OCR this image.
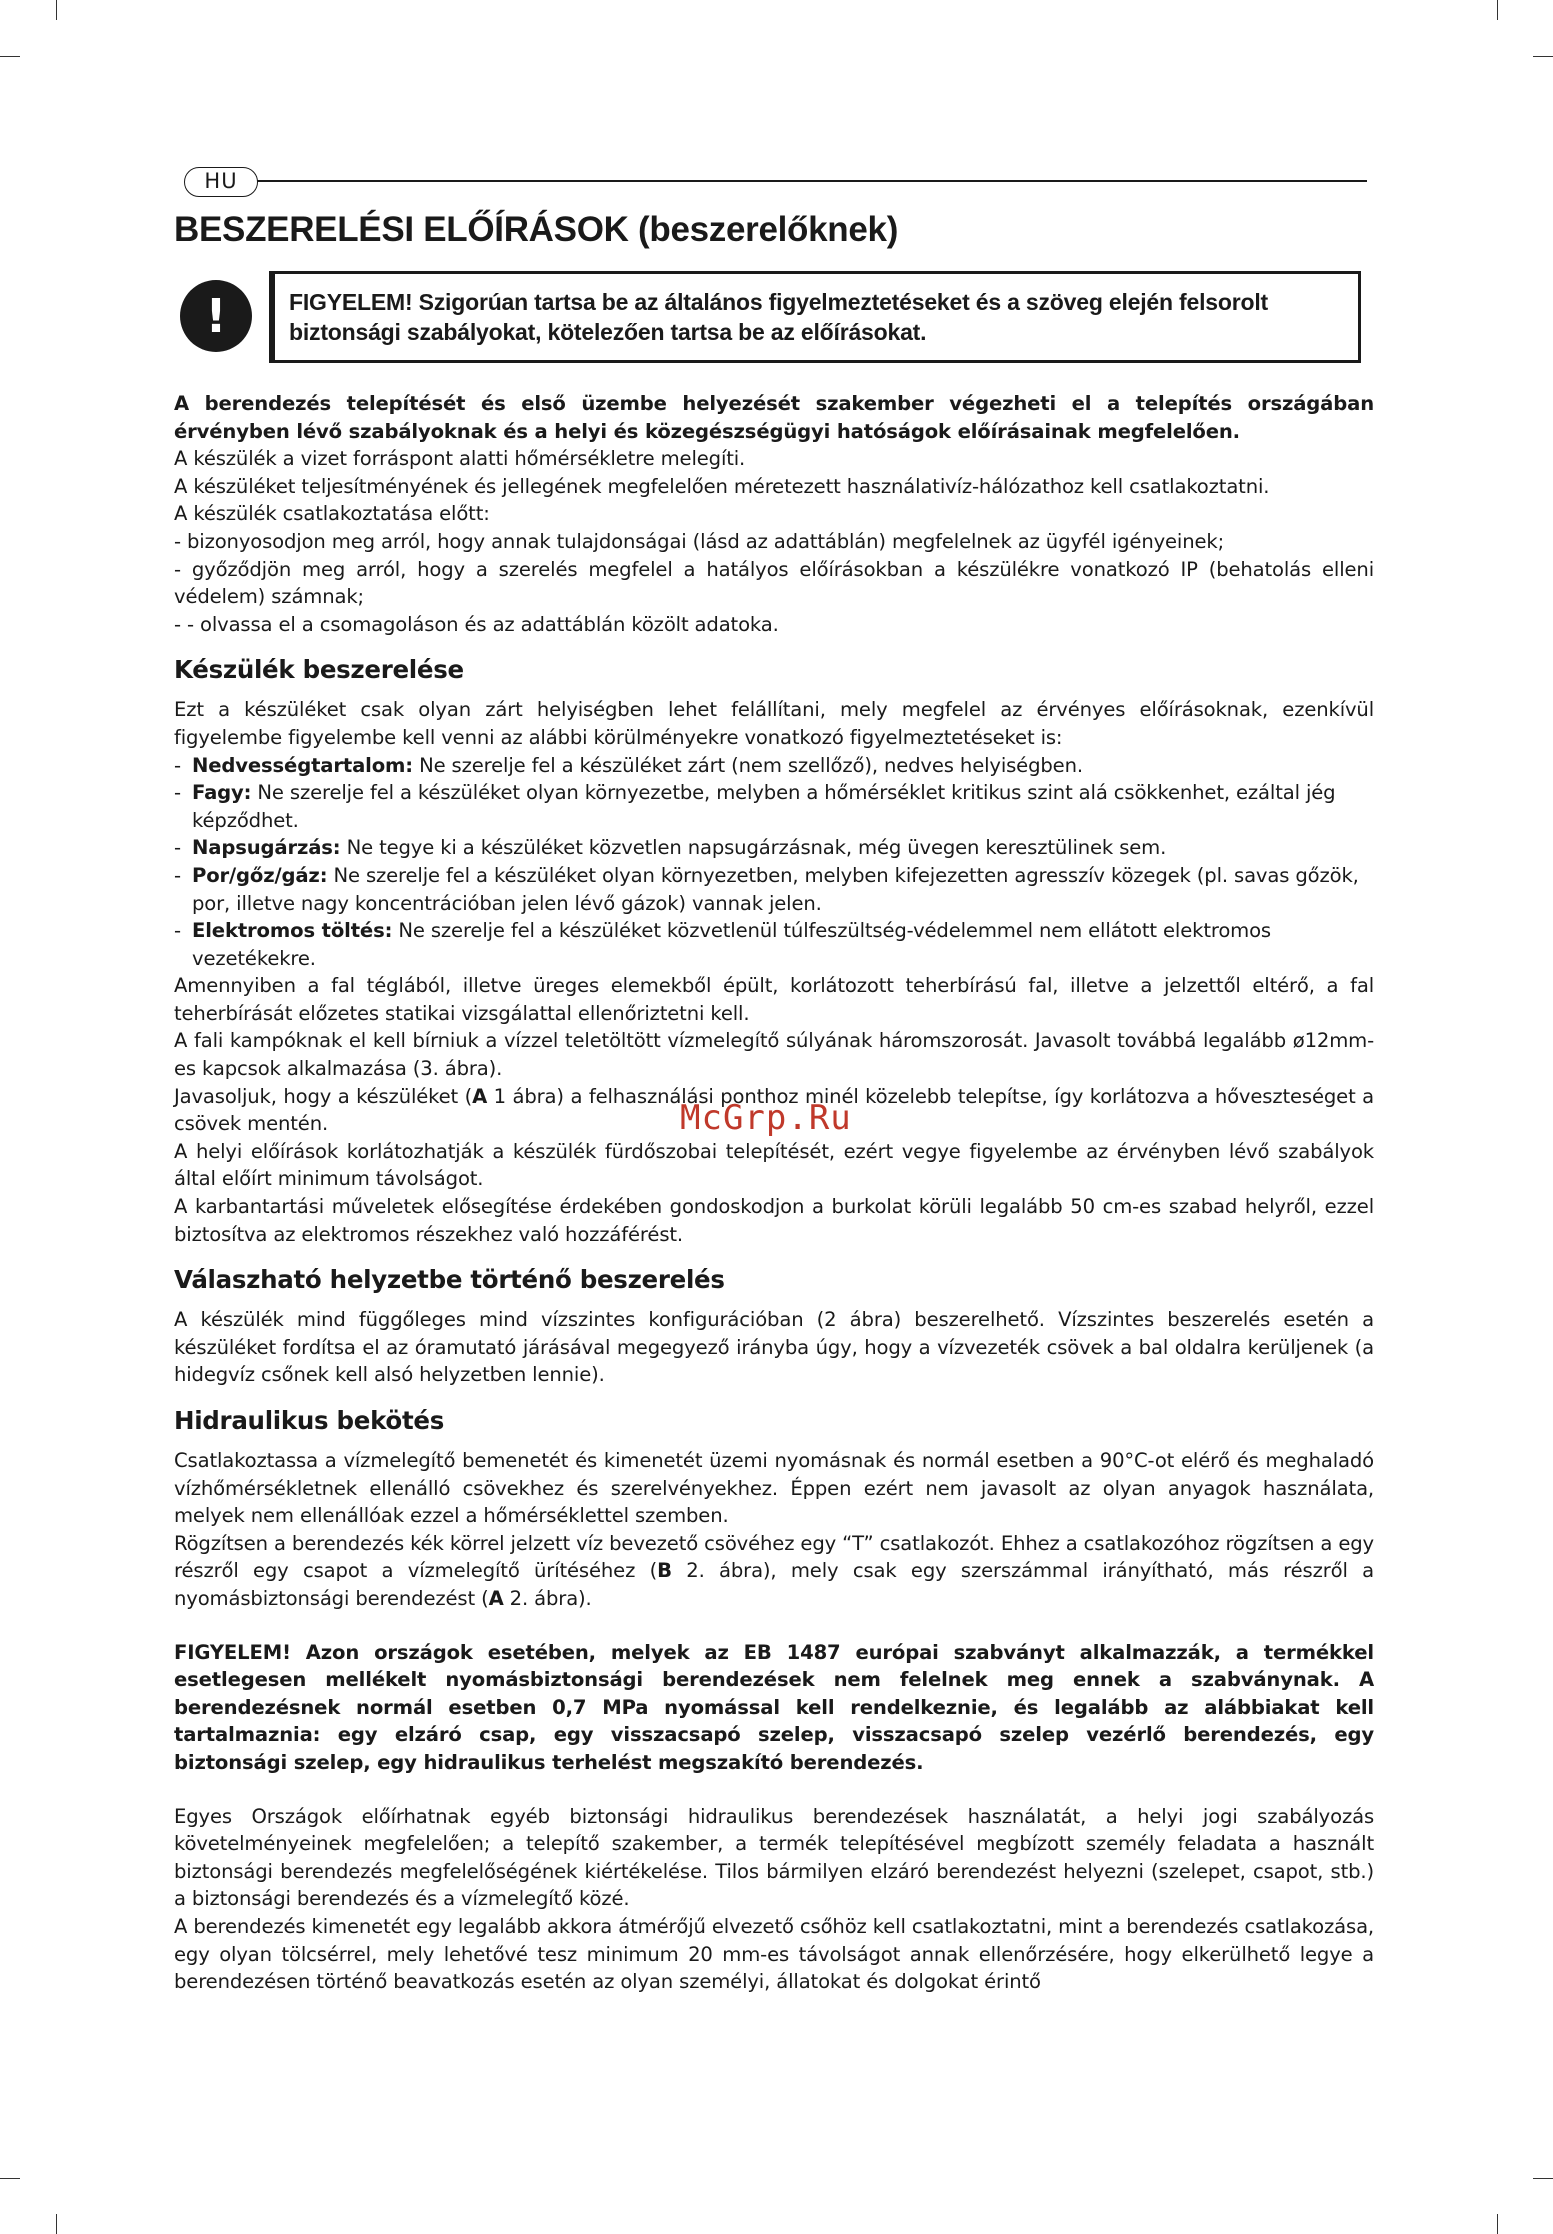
HU
BESZERELÉSI ELŐÍRÁSOK (beszerelőknek)
!	FIGYELEM! Szigorúan tartsa be az általános figyelmeztetéseket és a szöveg elején felsorolt biztonsági szabályokat, kötelezően tartsa be az előírásokat.

A berendezés telepítését és első üzembe helyezését szakember végezheti el a telepítés országában érvényben lévő szabályoknak és a helyi és közegészségügyi hatóságok előírásainak megfelelően.

A készülék a vizet forráspont alatti hőmérsékletre melegíti.

A készüléket teljesítményének és jellegének megfelelően méretezett használativíz-hálózathoz kell csatlakoztatni.

A készülék csatlakoztatása előtt:

- bizonyosodjon meg arról, hogy annak tulajdonságai (lásd az adattáblán) megfelelnek az ügyfél igényeinek;

- győződjön meg arról, hogy a szerelés megfelel a hatályos előírásokban a készülékre vonatkozó IP (behatolás elleni védelem) számnak;

- - olvassa el a csomagoláson és az adattáblán közölt adatoka.

Készülék beszerelése

Ezt a készüléket csak olyan zárt helyiségben lehet felállítani, mely megfelel az érvényes előírásoknak, ezenkívül figyelembe figyelembe kell venni az alábbi körülményekre vonatkozó figyelmeztetéseket is:

- Nedvességtartalom: Ne szerelje fel a készüléket zárt (nem szellőző), nedves helyiségben.

- Fagy: Ne szerelje fel a készüléket olyan környezetbe, melyben a hőmérséklet kritikus szint alá csökkenhet, ezáltal jég képződhet.

- Napsugárzás: Ne tegye ki a készüléket közvetlen napsugárzásnak, még üvegen keresztülinek sem.

- Por/gőz/gáz: Ne szerelje fel a készüléket olyan környezetben, melyben kifejezetten agresszív közegek (pl. savas gőzök, por, illetve nagy koncentrációban jelen lévő gázok) vannak jelen.

- Elektromos töltés: Ne szerelje fel a készüléket közvetlenül túlfeszültség-védelemmel nem ellátott elektromos vezetékekre.

Amennyiben a fal téglából, illetve üreges elemekből épült, korlátozott teherbírású fal, illetve a jelzettől eltérő, a fal teherbírását előzetes statikai vizsgálattal ellenőriztetni kell.

A fali kampóknak el kell bírniuk a vízzel teletöltött vízmelegítő súlyának háromszorosát. Javasolt továbbá legalább ø12mm-es kapcsok alkalmazása (3. ábra).

Javasoljuk, hogy a készüléket (A 1 ábra) a felhasználási ponthoz minél közelebb telepítse, így korlátozva a hőveszteséget a csövek mentén.

A helyi előírások korlátozhatják a készülék fürdőszobai telepítését, ezért vegye figyelembe az érvényben lévő szabályok által előírt minimum távolságot.

A karbantartási műveletek elősegítése érdekében gondoskodjon a burkolat körüli legalább 50 cm-es szabad helyről, ezzel biztosítva az elektromos részekhez való hozzáférést.

Válaszható helyzetbe történő beszerelés

A készülék mind függőleges mind vízszintes konfigurációban (2 ábra) beszerelhető. Vízszintes beszerelés esetén a készüléket fordítsa el az óramutató járásával megegyező irányba úgy, hogy a vízvezeték csövek a bal oldalra kerüljenek (a hidegvíz csőnek kell alsó helyzetben lennie).

Hidraulikus bekötés

Csatlakoztassa a vízmelegítő bemenetét és kimenetét üzemi nyomásnak és normál esetben a 90°C-ot elérő és meghaladó vízhőmérsékletnek ellenálló csövekhez és szerelvényekhez. Éppen ezért nem javasolt az olyan anyagok használata, melyek nem ellenállóak ezzel a hőmérséklettel szemben.

Rögzítsen a berendezés kék körrel jelzett víz bevezető csövéhez egy “T” csatlakozót. Ehhez a csatlakozóhoz rögzítsen a egy részről egy csapot a vízmelegítő ürítéséhez (B 2. ábra), mely csak egy szerszámmal irányítható, más részről a nyomásbiztonsági berendezést (A 2. ábra).

FIGYELEM! Azon országok esetében, melyek az EB 1487 európai szabványt alkalmazzák, a termékkel esetlegesen mellékelt nyomásbiztonsági berendezések nem felelnek meg ennek a szabványnak. A berendezésnek normál esetben 0,7 MPa nyomással kell rendelkeznie, és legalább az alábbiakat kell tartalmaznia: egy elzáró csap, egy visszacsapó szelep, visszacsapó szelep vezérlő berendezés, egy biztonsági szelep, egy hidraulikus terhelést megszakító berendezés.

Egyes Országok előírhatnak egyéb biztonsági hidraulikus berendezések használatát, a helyi jogi szabályozás követelményeinek megfelelően; a telepítő szakember, a termék telepítésével megbízott személy feladata a használt biztonsági berendezés megfelelőségének kiértékelése. Tilos bármilyen elzáró berendezést helyezni (szelepet, csapot, stb.) a biztonsági berendezés és a vízmelegítő közé.

A berendezés kimenetét egy legalább akkora átmérőjű elvezető csőhöz kell csatlakoztatni, mint a berendezés csatlakozása, egy olyan tölcsérrel, mely lehetővé tesz minimum 20 mm-es távolságot annak ellenőrzésére, hogy elkerülhető legye a berendezésen történő beavatkozás esetén az olyan személyi, állatokat és dolgokat érintő

McGrp.Ru
